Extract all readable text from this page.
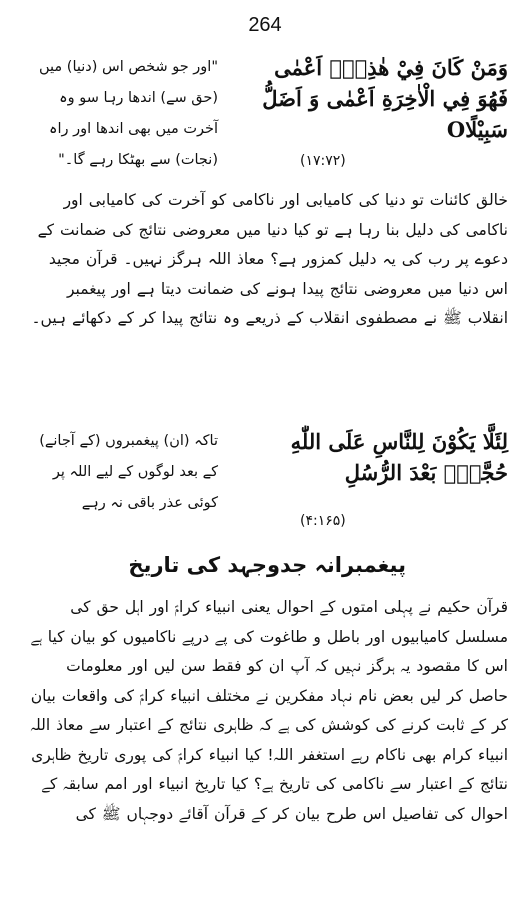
264
وَمَنْ كَانَ فِيْ هٰذِهٖۤ اَعْمٰى فَهُوَ فِي الْاٰخِرَةِ اَعْمٰى وَ اَضَلُّ سَبِيْلًاO
"اور جو شخص اس (دنیا) میں (حق سے) اندھا رہا سو وہ آخرت میں بھی اندھا اور راہ (نجات) سے بھٹکا رہے گا۔"	(۱۷:۷۲)

خالق کائنات تو دنیا کی کامیابی اور ناکامی کو آخرت کی کامیابی اور ناکامی کی دلیل بنا رہا ہے تو کیا دنیا میں معروضی نتائج کی ضمانت کے دعوے پر رب کی یہ دلیل کمزور ہے؟ معاذ اللہ ہرگز نہیں۔ قرآن مجید اس دنیا میں معروضی نتائج پیدا ہونے کی ضمانت دیتا ہے اور پیغمبر انقلاب ﷺ نے مصطفوی انقلاب کے ذریعے وہ نتائج پیدا کر کے دکھائے ہیں۔

لِئَلَّا يَكُوْنَ لِلنَّاسِ عَلَى اللّٰهِ حُجَّةٌۢ بَعْدَ الرُّسُلِ
تاکہ (ان) پیغمبروں (کے آجانے) کے بعد لوگوں کے لیے اللہ پر کوئی عذر باقی نہ رہے
(۴:۱۶۵)
پیغمبرانہ جدوجہد کی تاریخ

قرآن حکیم نے پہلی امتوں کے احوال یعنی انبیاء کرامؑ اور اہل حق کی مسلسل کامیابیوں اور باطل و طاغوت کی پے درپے ناکامیوں کو بیان کیا ہے اس کا مقصود یہ ہرگز نہیں کہ آپ ان کو فقط سن لیں اور معلومات حاصل کر لیں بعض نام نہاد مفکرین نے مختلف انبیاء کرامؑ کی واقعات بیان کر کے ثابت کرنے کی کوشش کی ہے کہ ظاہری نتائج کے اعتبار سے معاذ اللہ انبیاء کرام بھی ناکام رہے استغفر اللہ! کیا انبیاء کرامؑ کی پوری تاریخ ظاہری نتائج کے اعتبار سے ناکامی کی تاریخ ہے؟ کیا تاریخ انبیاء اور امم سابقہ کے احوال کی تفاصیل اس طرح بیان کر کے قرآن آقائے دوجہاں ﷺ کی
